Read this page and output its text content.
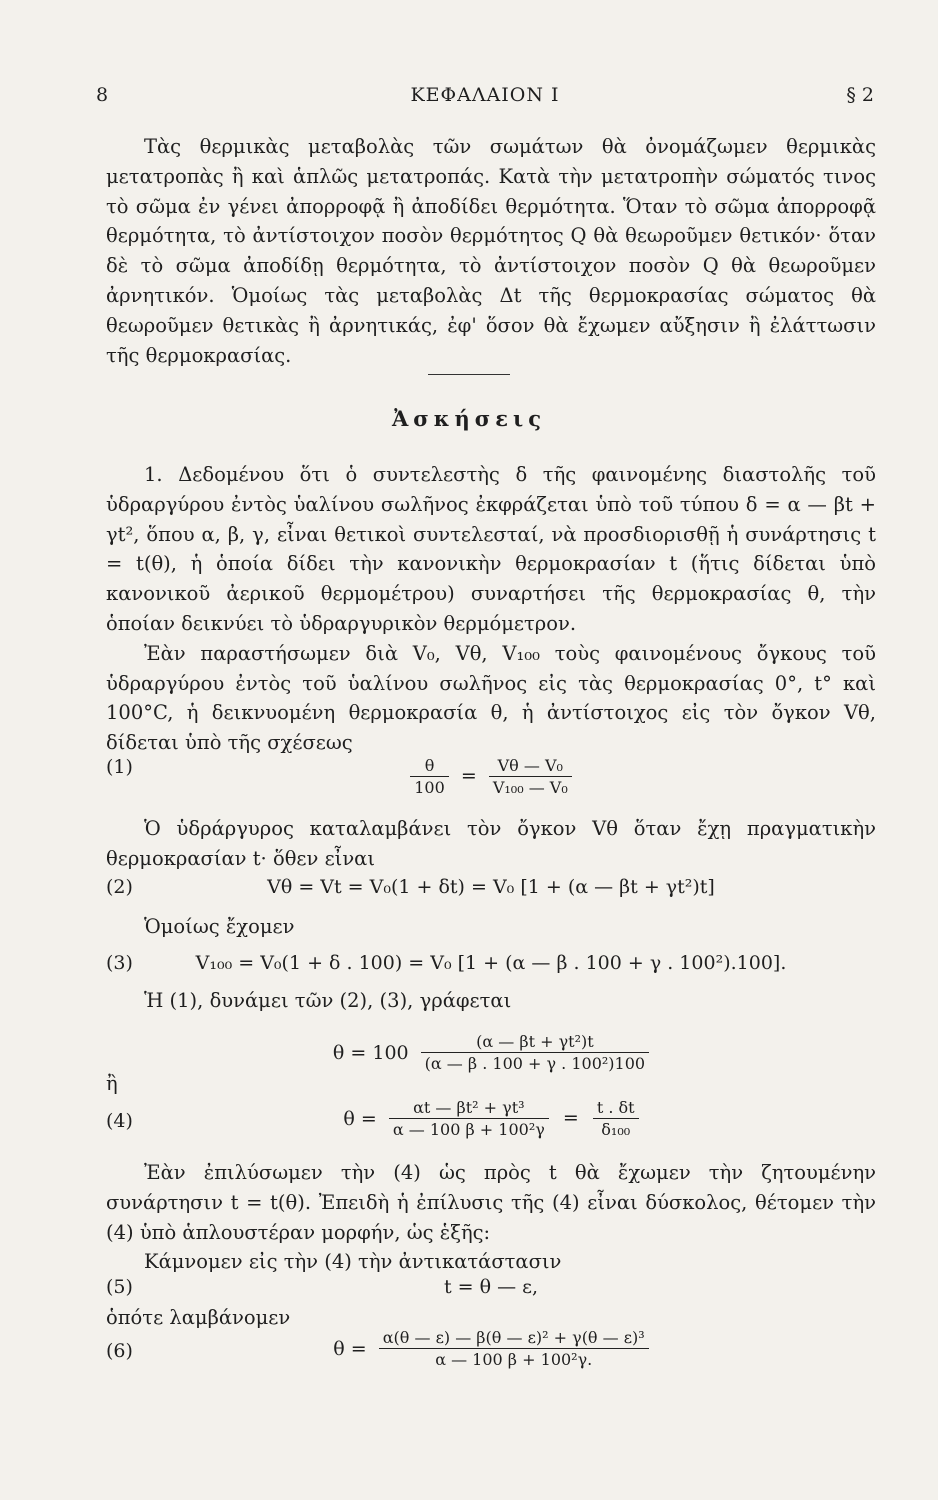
8	ΚΕΦΑΛΑΙΟΝ I	§ 2

Τὰς θερμικὰς μεταβολὰς τῶν σωμάτων θὰ ὀνομάζωμεν θερμικὰς μετατροπὰς ἢ καὶ ἁπλῶς μετατροπάς. Κατὰ τὴν μετατροπὴν σώματός τινος τὸ σῶμα ἐν γένει ἀπορροφᾷ ἢ ἀποδίδει θερμότητα. Ὅταν τὸ σῶμα ἀπορροφᾷ θερμότητα, τὸ ἀντίστοιχον ποσὸν θερμότητος Q θὰ θεωροῦμεν θετικόν· ὅταν δὲ τὸ σῶμα ἀποδίδῃ θερμότητα, τὸ ἀντίστοιχον ποσὸν Q θὰ θεωροῦμεν ἀρνητικόν. Ὁμοίως τὰς μεταβολὰς Δt τῆς θερμοκρασίας σώματος θὰ θεωροῦμεν θετικὰς ἢ ἀρνητικάς, ἐφ' ὅσον θὰ ἔχωμεν αὔξησιν ἢ ἐλάττωσιν τῆς θερμοκρασίας.

Ἀσκήσεις

1. Δεδομένου ὅτι ὁ συντελεστὴς δ τῆς φαινομένης διαστολῆς τοῦ ὑδραργύρου ἐντὸς ὑαλίνου σωλῆνος ἐκφράζεται ὑπὸ τοῦ τύπου δ = α — βt + γt², ὅπου α, β, γ, εἶναι θετικοὶ συντελεσταί, νὰ προσδιορισθῇ ἡ συνάρτησις t = t(θ), ἡ ὁποία δίδει τὴν κανονικὴν θερμοκρασίαν t (ἥτις δίδεται ὑπὸ κανονικοῦ ἀερικοῦ θερμομέτρου) συναρτήσει τῆς θερμοκρασίας θ, τὴν ὁποίαν δεικνύει τὸ ὑδραργυρικὸν θερμόμετρον.

Ἐὰν παραστήσωμεν διὰ V₀, Vθ, V₁₀₀ τοὺς φαινομένους ὄγκους τοῦ ὑδραργύρου ἐντὸς τοῦ ὑαλίνου σωλῆνος εἰς τὰς θερμοκρασίας 0°, t° καὶ 100°C, ἡ δεικνυομένη θερμοκρασία θ, ἡ ἀντίστοιχος εἰς τὸν ὄγκον Vθ, δίδεται ὑπὸ τῆς σχέσεως

(1)	$\frac{\theta}{100} = \frac{\text{Vθ — V₀}}{\text{V₁₀₀ — V₀}}$

Ὁ ὑδράργυρος καταλαμβάνει τὸν ὄγκον Vθ ὅταν ἔχῃ πραγματικὴν θερμοκρασίαν t· ὅθεν εἶναι

(2)	Vθ = Vt = V₀(1 + δt) = V₀ [1 + (α — βt + γt²)t]

Ὁμοίως ἔχομεν

(3)	V₁₀₀ = V₀(1 + δ . 100) = V₀ [1 + (α — β . 100 + γ . 100²).100].

Ἡ (1), δυνάμει τῶν (2), (3), γράφεται

$\theta = 100 \frac{\text{(α — βt + γt²)t}}{\text{(α — β . 100 + γ . 100²)100}}$
ἢ
(4)	$\theta = \frac{\text{αt — βt² + γt³}}{\text{α — 100 β + 100²γ}} = \frac{t . \delta t}{\text{δ₁₀₀}}$

Ἐὰν ἐπιλύσωμεν τὴν (4) ὡς πρὸς t θὰ ἔχωμεν τὴν ζητουμένην συνάρτησιν t = t(θ). Ἐπειδὴ ἡ ἐπίλυσις τῆς (4) εἶναι δύσκολος, θέτομεν τὴν (4) ὑπὸ ἁπλουστέραν μορφήν, ὡς ἑξῆς:

Κάμνομεν εἰς τὴν (4) τὴν ἀντικατάστασιν

(5)	t = θ — ε,
ὁπότε λαμβάνομεν
(6)	$\theta = \frac{\text{α(θ — ε) — β(θ — ε)² + γ(θ — ε)³}}{\text{α — 100 β + 100²γ.}}$
